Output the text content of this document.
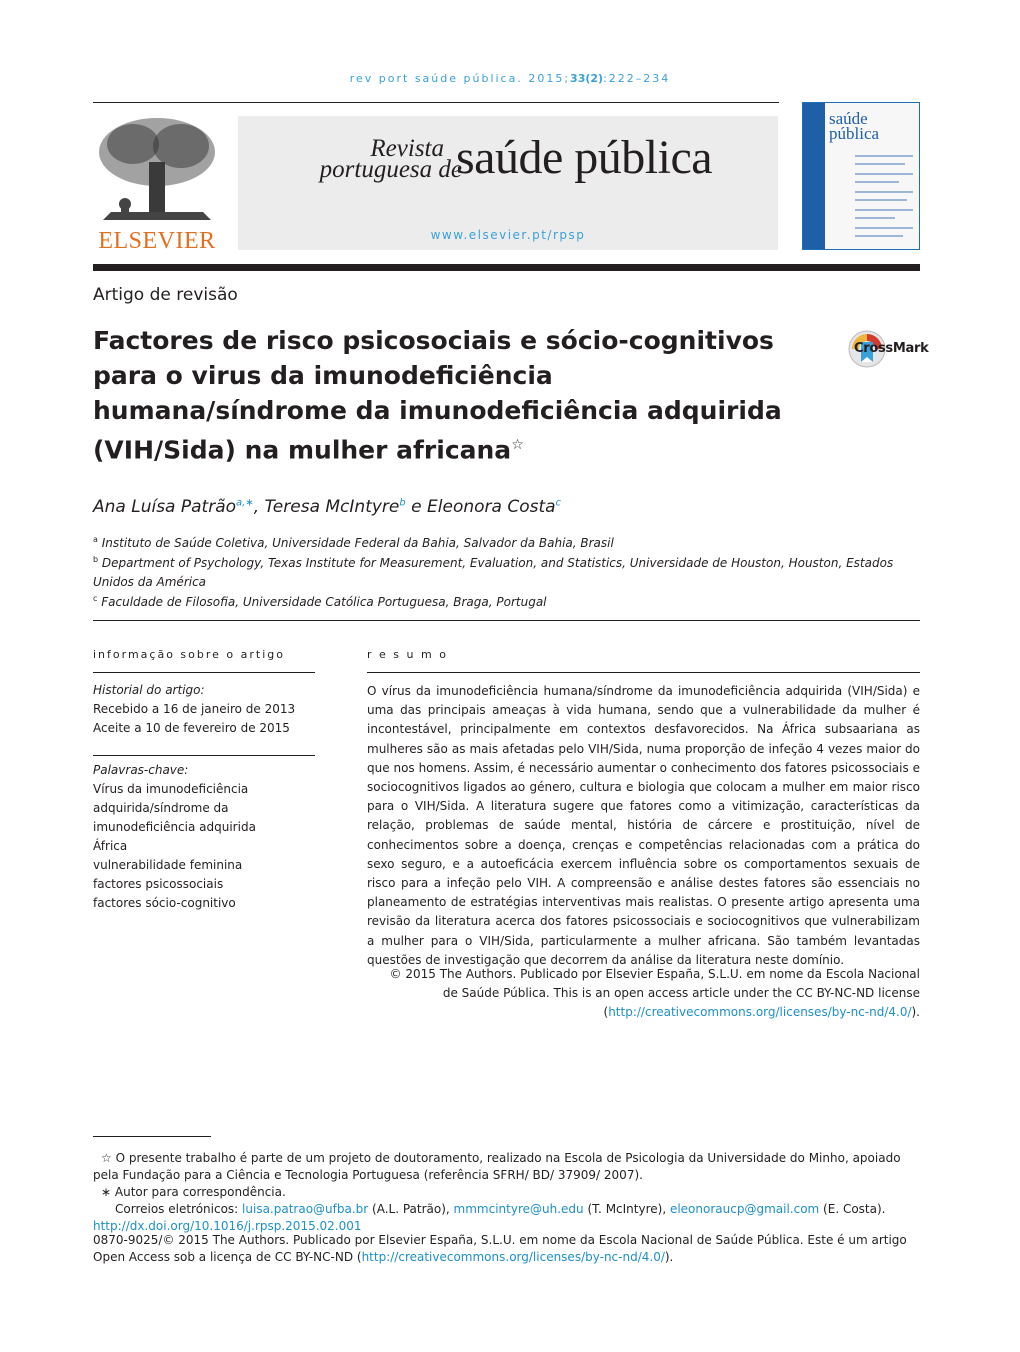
rev port saúde pública. 2015;33(2):222–234
ELSEVIER
Revista
portuguesa de
saúde pública
www.elsevier.pt/rpsp
saúde
pública
Artigo de revisão
Factores de risco psicosociais e sócio-cognitivos
para o virus da imunodeficiência
humana/síndrome da imunodeficiência adquirida
(VIH/Sida) na mulher africana☆
CrossMark
Ana Luísa Patrão$^{a,∗}$, Teresa McIntyre$^b$ e Eleonora Costa$^c$
$^a$ Instituto de Saúde Coletiva, Universidade Federal da Bahia, Salvador da Bahia, Brasil
$^b$ Department of Psychology, Texas Institute for Measurement, Evaluation, and Statistics, Universidade de Houston, Houston, Estados Unidos da América
$^c$ Faculdade de Filosofia, Universidade Católica Portuguesa, Braga, Portugal
informação sobre o artigo
Historial do artigo:
Recebido a 16 de janeiro de 2013
Aceite a 10 de fevereiro de 2015
Palavras-chave:
Vírus da imunodeficiência
adquirida/síndrome da
imunodeficiência adquirida
África
vulnerabilidade feminina
factores psicossociais
factores sócio-cognitivo
r e s u m o
O vírus da imunodeficiência humana/síndrome da imunodeficiência adquirida (VIH/Sida) e uma das principais ameaças à vida humana, sendo que a vulnerabilidade da mulher é incontestável, principalmente em contextos desfavorecidos. Na África subsaariana as mulheres são as mais afetadas pelo VIH/Sida, numa proporção de infeção 4 vezes maior do que nos homens. Assim, é necessário aumentar o conhecimento dos fatores psicossociais e sociocognitivos ligados ao género, cultura e biologia que colocam a mulher em maior risco para o VIH/Sida. A literatura sugere que fatores como a vitimização, características da relação, problemas de saúde mental, história de cárcere e prostituição, nível de conhecimentos sobre a doença, crenças e competências relacionadas com a prática do sexo seguro, e a autoeficácia exercem influência sobre os comportamentos sexuais de risco para a infeção pelo VIH. A compreensão e análise destes fatores são essenciais no planeamento de estratégias interventivas mais realistas. O presente artigo apresenta uma revisão da literatura acerca dos fatores psicossociais e sociocognitivos que vulnerabilizam a mulher para o VIH/Sida, particularmente a mulher africana. São também levantadas questões de investigação que decorrem da análise da literatura neste domínio.
© 2015 The Authors. Publicado por Elsevier España, S.L.U. em nome da Escola Nacional
de Saúde Pública. This is an open access article under the CC BY-NC-ND license
(http://creativecommons.org/licenses/by-nc-nd/4.0/).
☆ O presente trabalho é parte de um projeto de doutoramento, realizado na Escola de Psicologia da Universidade do Minho, apoiado pela Fundação para a Ciência e Tecnologia Portuguesa (referência SFRH/ BD/ 37909/ 2007).
∗ Autor para correspondência.
Correios eletrónicos: luisa.patrao@ufba.br (A.L. Patrão), mmmcintyre@uh.edu (T. McIntyre), eleonoraucp@gmail.com (E. Costa).
http://dx.doi.org/10.1016/j.rpsp.2015.02.001
0870-9025/© 2015 The Authors. Publicado por Elsevier España, S.L.U. em nome da Escola Nacional de Saúde Pública. Este é um artigo Open Access sob a licença de CC BY-NC-ND (http://creativecommons.org/licenses/by-nc-nd/4.0/).
